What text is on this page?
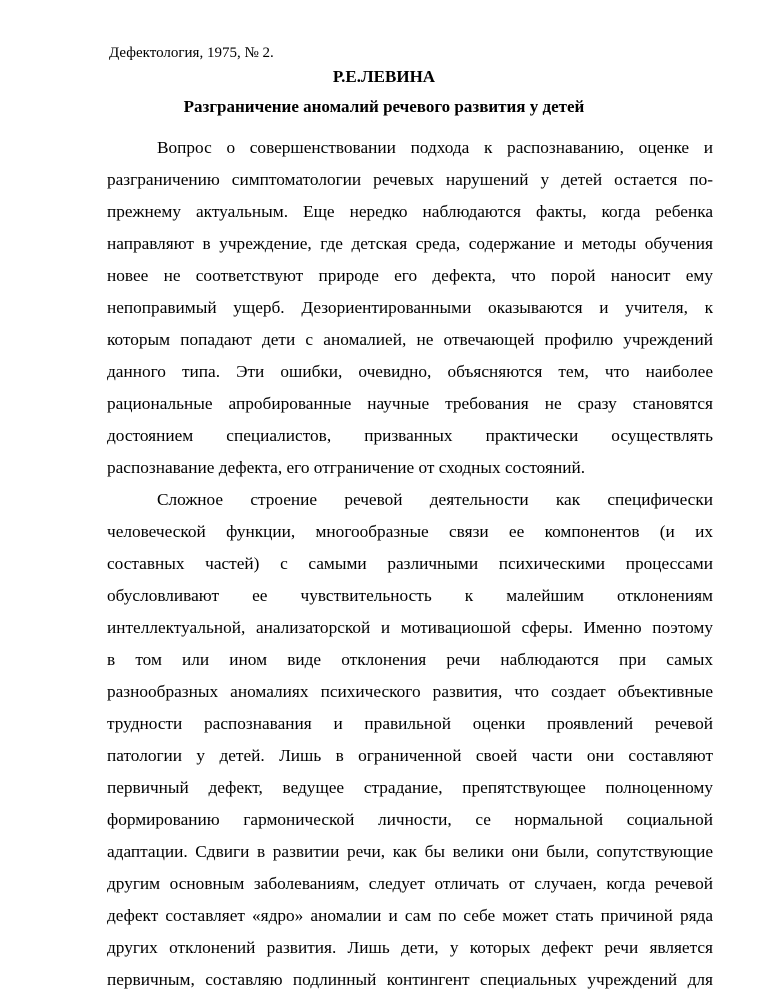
Дефектология, 1975, № 2.
Р.Е.ЛЕВИНА
Разграничение аномалий речевого развития у детей
Вопрос о совершенствовании подхода к распознаванию, оценке и
разграничению симптоматологии речевых нарушений у детей остается по-
прежнему актуальным. Еще нередко наблюдаются факты, когда ребенка
направляют в учреждение, где детская среда, содержание и методы обучения
новее не соответствуют природе его дефекта, что порой наносит ему
непоправимый ущерб. Дезориентированными оказываются и учителя, к
которым попадают дети с аномалией, не отвечающей профилю учреждений
данного типа. Эти ошибки, очевидно, объясняются тем, что наиболее
рациональные апробированные научные требования не сразу становятся
достоянием специалистов, призванных практически осуществлять
распознавание дефекта, его отграничение от сходных состояний.
Сложное строение речевой деятельности как специфически
человеческой функции, многообразные связи ее компонентов (и их
составных частей) с самыми различными психическими процессами
обусловливают ее чувствительность к малейшим отклонениям
интеллектуальной, анализаторской и мотивациошой сферы. Именно поэтому
в том или ином виде отклонения речи наблюдаются при самых
разнообразных аномалиях психического развития, что создает объективные
трудности распознавания и правильной оценки проявлений речевой
патологии у детей. Лишь в ограниченной своей части они составляют
первичный дефект, ведущее страдание, препятствующее полноценному
формированию гармонической личности, се нормальной социальной
адаптации. Сдвиги в развитии речи, как бы велики они были, сопутствующие
другим основным заболеваниям, следует отличать от случаен, когда речевой
дефект составляет «ядро» аномалии и сам по себе может стать причиной ряда
других отклонений развития. Лишь дети, у которых дефект речи является
первичным, составляю подлинный контингент специальных учреждений для
